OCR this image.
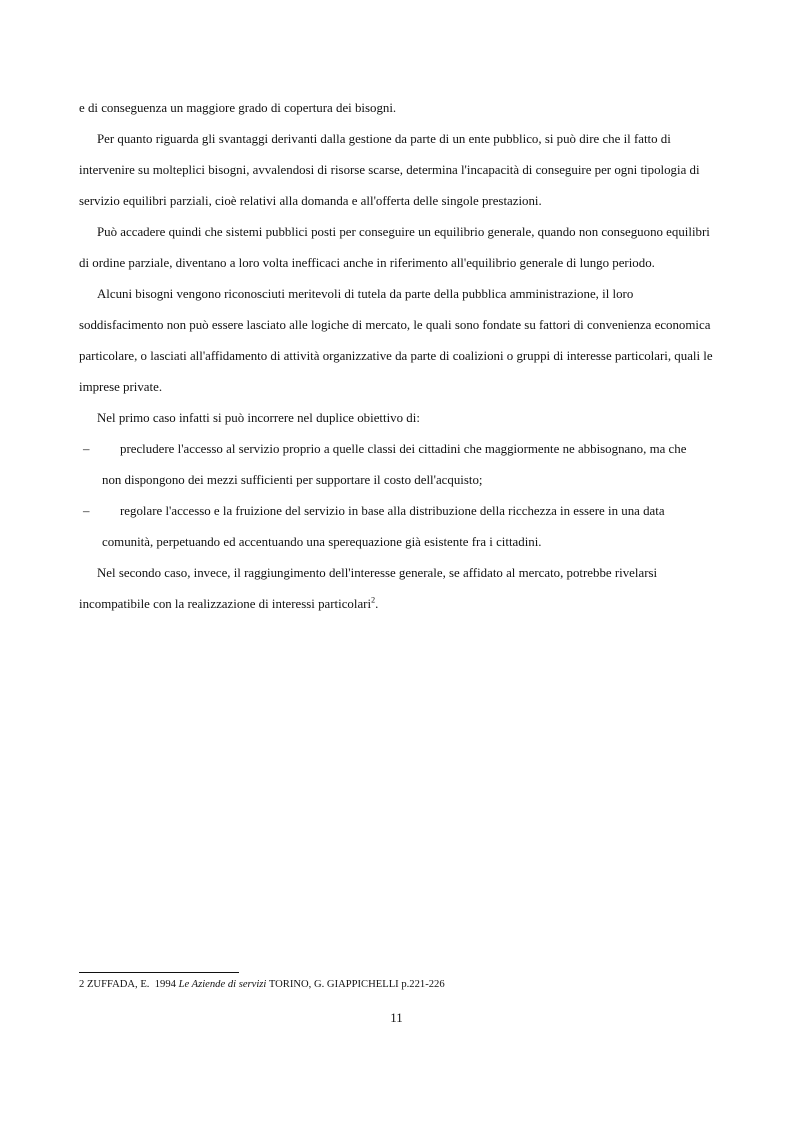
e di conseguenza un maggiore grado di copertura dei bisogni.

Per quanto riguarda gli svantaggi derivanti dalla gestione da parte di un ente pubblico, si può dire che il fatto di intervenire su molteplici bisogni, avvalendosi di risorse scarse, determina l'incapacità di conseguire per ogni tipologia di servizio equilibri parziali, cioè relativi alla domanda e all'offerta delle singole prestazioni.

Può accadere quindi che sistemi pubblici posti per conseguire un equilibrio generale, quando non conseguono equilibri di ordine parziale, diventano a loro volta inefficaci anche in riferimento all'equilibrio generale di lungo periodo.

Alcuni bisogni vengono riconosciuti meritevoli di tutela da parte della pubblica amministrazione, il loro soddisfacimento non può essere lasciato alle logiche di mercato, le quali sono fondate su fattori di convenienza economica particolare, o lasciati all'affidamento di attività organizzative da parte di coalizioni o gruppi di interesse particolari, quali le imprese private.

Nel primo caso infatti si può incorrere nel duplice obiettivo di:

– precludere l'accesso al servizio proprio a quelle classi dei cittadini che maggiormente ne abbisognano, ma che
non dispongono dei mezzi sufficienti per supportare il costo dell'acquisto;

– regolare l'accesso e la fruizione del servizio in base alla distribuzione della ricchezza in essere in una data
comunità, perpetuando ed accentuando una sperequazione già esistente fra i cittadini.

Nel secondo caso, invece, il raggiungimento dell'interesse generale, se affidato al mercato, potrebbe rivelarsi incompatibile con la realizzazione di interessi particolari$^2$.

2 ZUFFADA, E. 1994 Le Aziende di servizi TORINO, G. GIAPPICHELLI p.221-226
11
